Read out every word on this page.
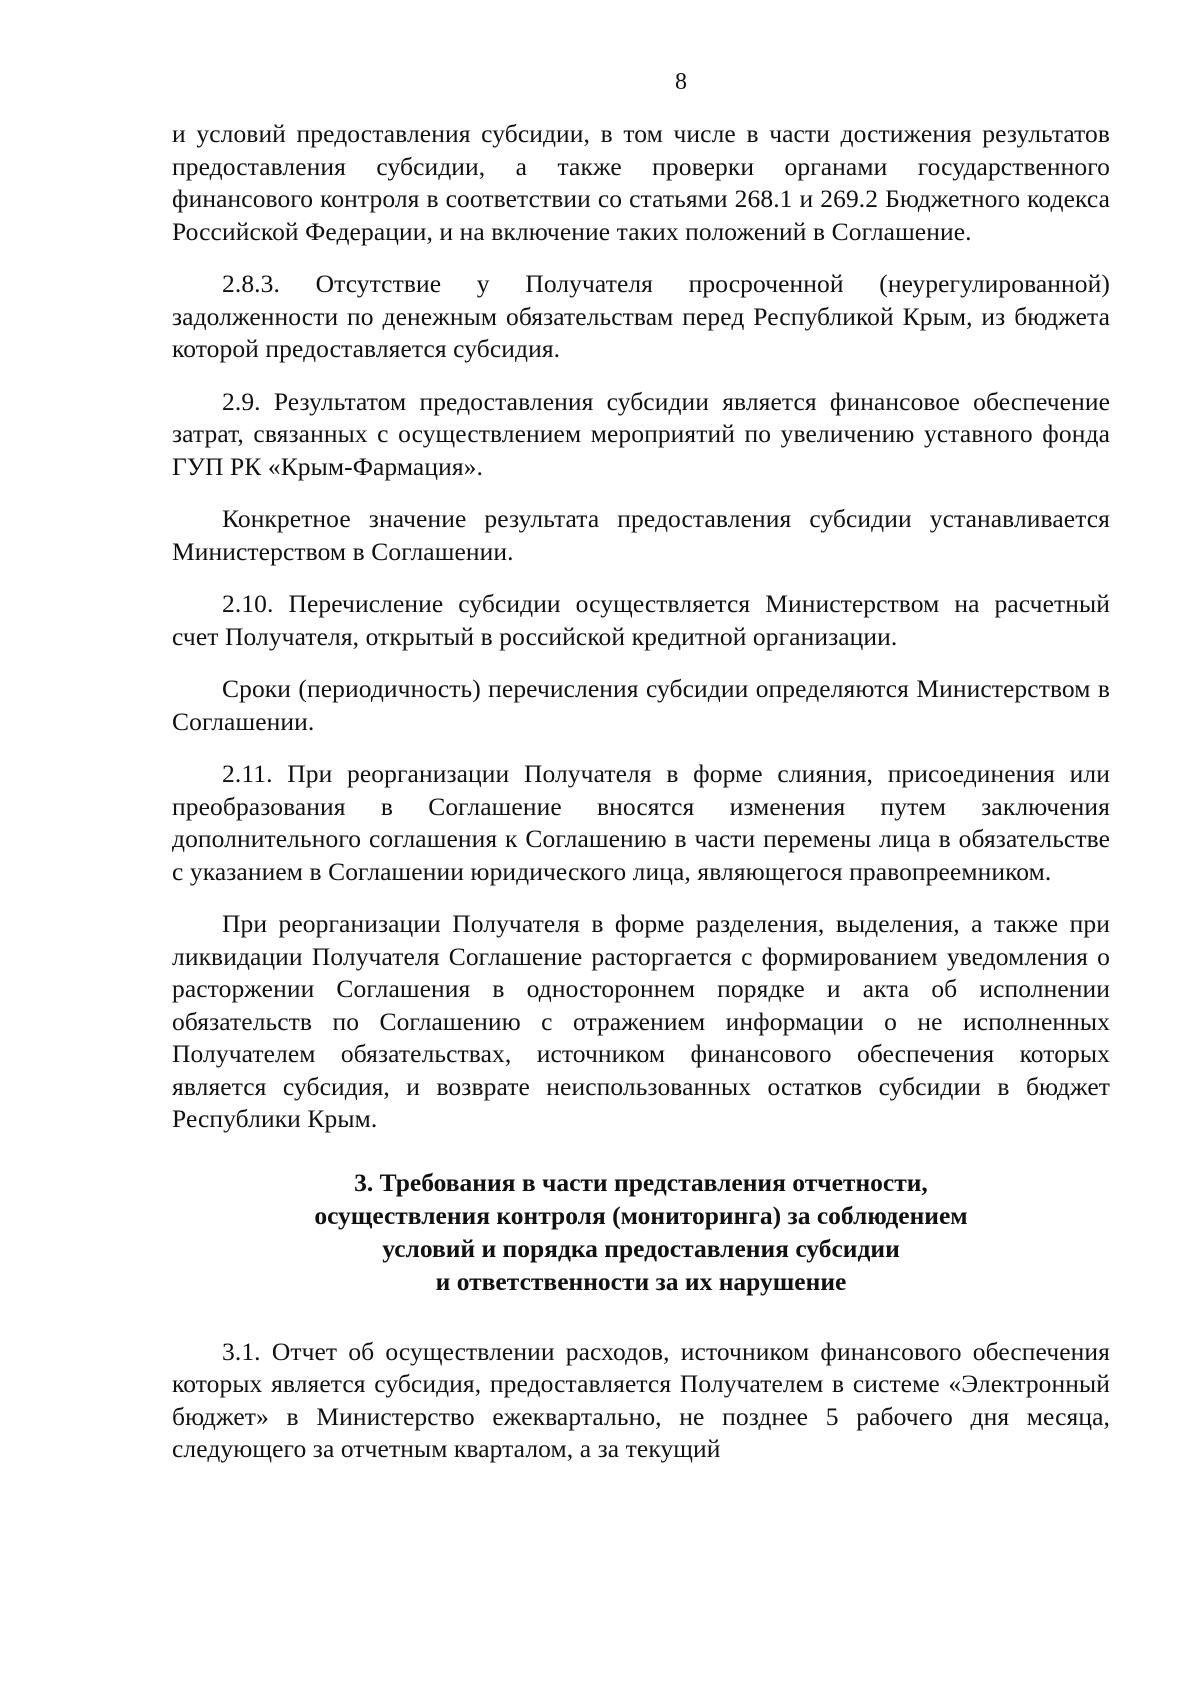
8

и условий предоставления субсидии, в том числе в части достижения результатов предоставления субсидии, а также проверки органами государственного финансового контроля в соответствии со статьями 268.1 и 269.2 Бюджетного кодекса Российской Федерации, и на включение таких положений в Соглашение.

2.8.3. Отсутствие у Получателя просроченной (неурегулированной) задолженности по денежным обязательствам перед Республикой Крым, из бюджета которой предоставляется субсидия.

2.9. Результатом предоставления субсидии является финансовое обеспечение затрат, связанных с осуществлением мероприятий по увеличению уставного фонда ГУП РК «Крым-Фармация».

Конкретное значение результата предоставления субсидии устанавливается Министерством в Соглашении.

2.10. Перечисление субсидии осуществляется Министерством на расчетный счет Получателя, открытый в российской кредитной организации.

Сроки (периодичность) перечисления субсидии определяются Министерством в Соглашении.

2.11. При реорганизации Получателя в форме слияния, присоединения или преобразования в Соглашение вносятся изменения путем заключения дополнительного соглашения к Соглашению в части перемены лица в обязательстве с указанием в Соглашении юридического лица, являющегося правопреемником.

При реорганизации Получателя в форме разделения, выделения, а также при ликвидации Получателя Соглашение расторгается с формированием уведомления о расторжении Соглашения в одностороннем порядке и акта об исполнении обязательств по Соглашению с отражением информации о не исполненных Получателем обязательствах, источником финансового обеспечения которых является субсидия, и возврате неиспользованных остатков субсидии в бюджет Республики Крым.

3. Требования в части представления отчетности,
осуществления контроля (мониторинга) за соблюдением
условий и порядка предоставления субсидии
и ответственности за их нарушение

3.1. Отчет об осуществлении расходов, источником финансового обеспечения которых является субсидия, предоставляется Получателем в системе «Электронный бюджет» в Министерство ежеквартально, не позднее 5 рабочего дня месяца, следующего за отчетным кварталом, а за текущий
